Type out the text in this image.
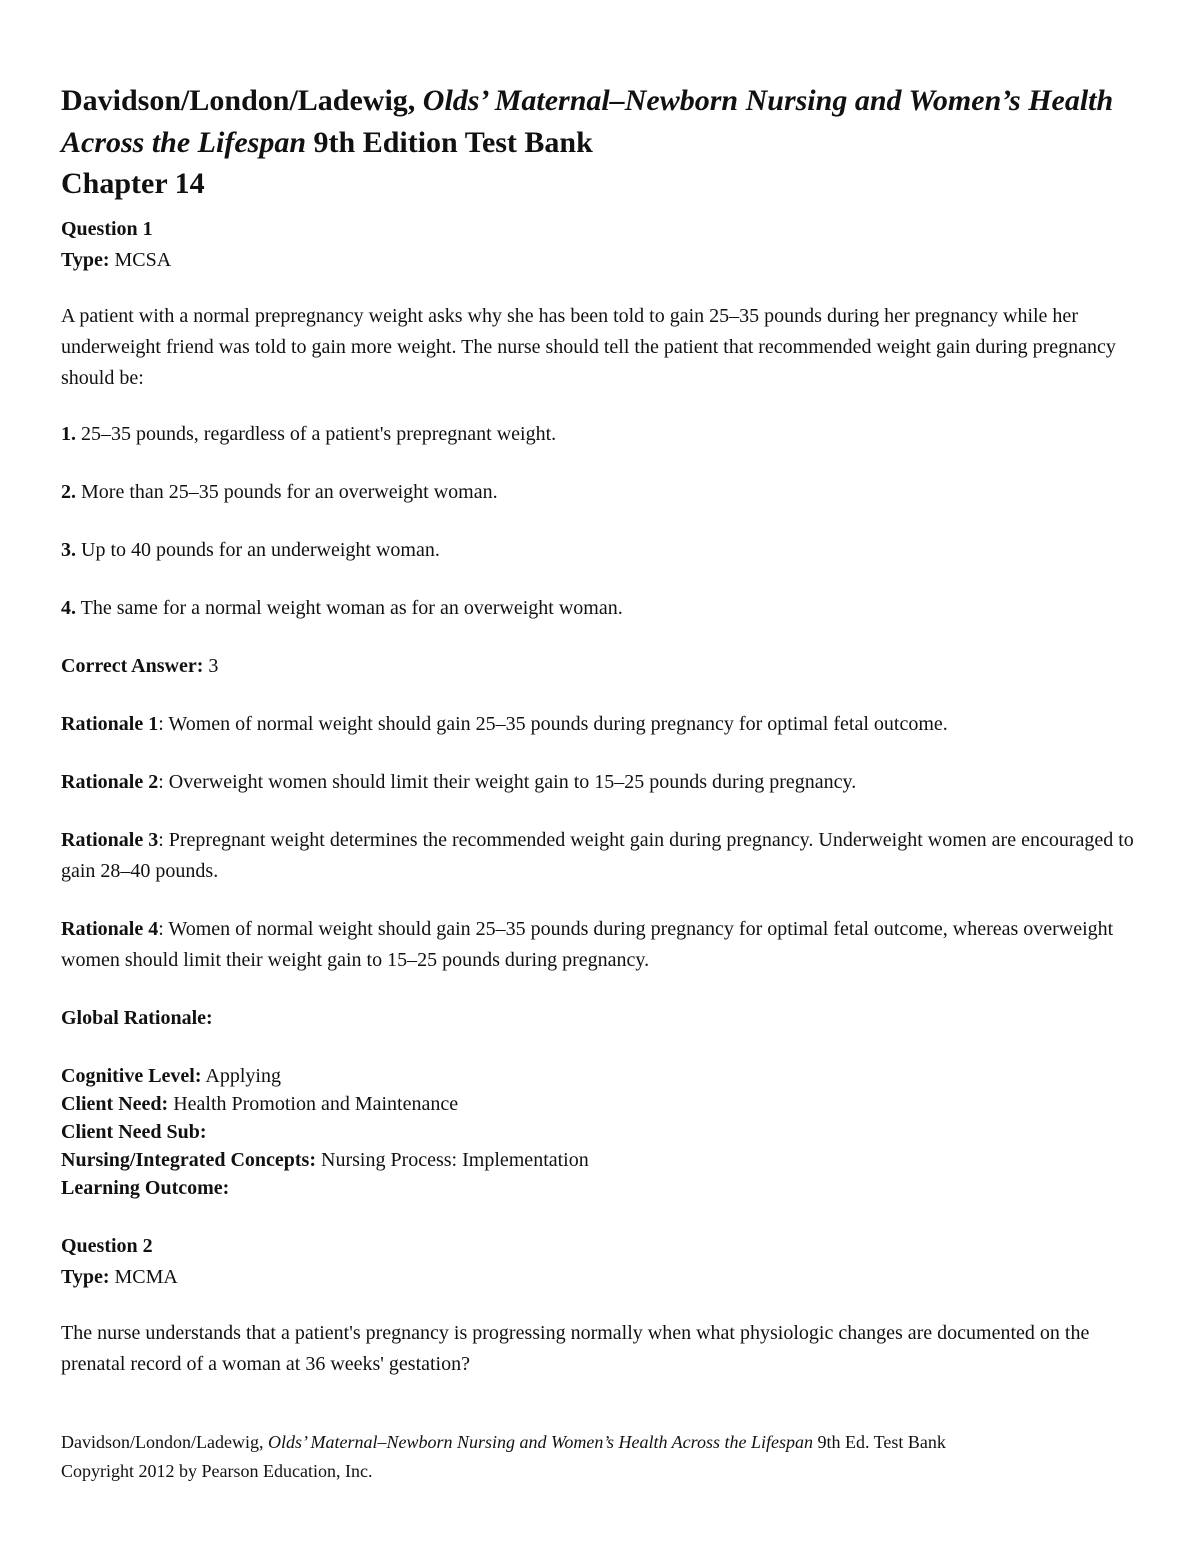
Davidson/London/Ladewig, Olds’ Maternal–Newborn Nursing and Women’s Health Across the Lifespan 9th Edition Test Bank

Chapter 14

Question 1

Type: MCSA

A patient with a normal prepregnancy weight asks why she has been told to gain 25–35 pounds during her pregnancy while her underweight friend was told to gain more weight. The nurse should tell the patient that recommended weight gain during pregnancy should be:

1. 25–35 pounds, regardless of a patient's prepregnant weight.

2. More than 25–35 pounds for an overweight woman.

3. Up to 40 pounds for an underweight woman.

4. The same for a normal weight woman as for an overweight woman.

Correct Answer: 3

Rationale 1: Women of normal weight should gain 25–35 pounds during pregnancy for optimal fetal outcome.

Rationale 2: Overweight women should limit their weight gain to 15–25 pounds during pregnancy.

Rationale 3: Prepregnant weight determines the recommended weight gain during pregnancy. Underweight women are encouraged to gain 28–40 pounds.

Rationale 4: Women of normal weight should gain 25–35 pounds during pregnancy for optimal fetal outcome, whereas overweight women should limit their weight gain to 15–25 pounds during pregnancy.

Global Rationale:

Cognitive Level: Applying

Client Need: Health Promotion and Maintenance

Client Need Sub:

Nursing/Integrated Concepts: Nursing Process: Implementation

Learning Outcome:

Question 2

Type: MCMA

The nurse understands that a patient's pregnancy is progressing normally when what physiologic changes are documented on the prenatal record of a woman at 36 weeks' gestation?

Davidson/London/Ladewig, Olds’ Maternal–Newborn Nursing and Women’s Health Across the Lifespan 9th Ed. Test Bank
Copyright 2012 by Pearson Education, Inc.
